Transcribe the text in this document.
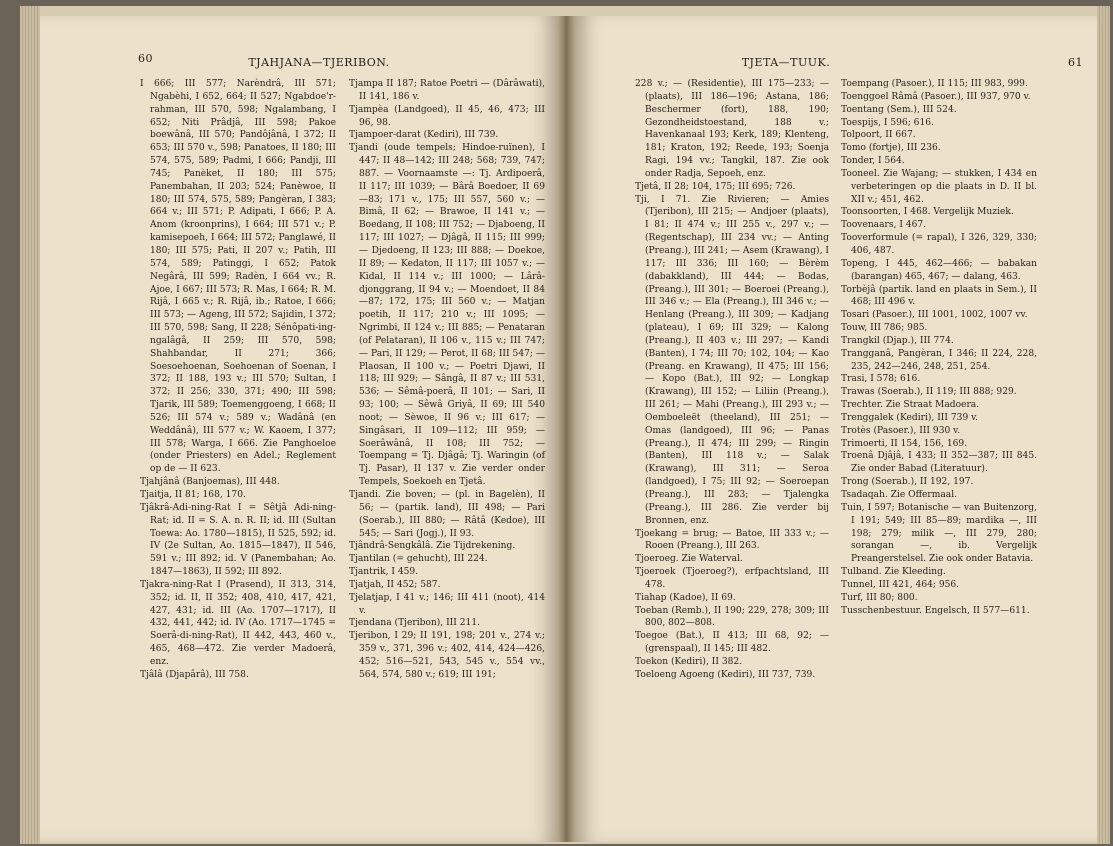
60	TJAHJANA—TJERIBON.

I 666; III 577; Narèndrâ, III 571; Ngabèhi, I 652, 664; II 527; Ngabdoe'r-rahman, III 570, 598; Ngalambang, I 652; Niti Prâdjâ, III 598; Pakoe boewânâ, III 570; Pandôjânâ, I 372; II 653; III 570 v., 598; Panatoes, II 180; III 574, 575, 589; Padmi, I 666; Pandji, III 745; Panèket, II 180; III 575; Panembahan, II 203; 524; Panèwoe, II 180; III 574, 575, 589; Pangèran, I 383; 664 v.; III 571; P. Adipati, I 666; P. A. Anom (kroonprins), I 664; III 571 v.; P. kamisepoeh, I 664; III 572; Panglawé, II 180; III 575; Pati, II 207 v.; Patih, III 574, 589; Patinggi, I 652; Patok Negârâ, III 599; Radèn, I 664 vv.; R. Ajoe, I 667; III 573; R. Mas, I 664; R. M. Rijâ, I 665 v.; R. Rijâ, ib.; Ratoe, I 666; III 573; — Ageng, III 572; Sajidin, I 372; III 570, 598; Sang, II 228; Sénôpati-ing-ngalâgâ, II 259; III 570, 598; Shahbandar, II 271; 366; Soesoehoenan, Soehoenan of Soenan, I 372; II 188, 193 v.; III 570; Sultan, I 372; II 256; 330, 371; 490; III 598; Tjarik, III 589; Toemenggoeng, I 668; II 526; III 574 v.; 589 v.; Wadânâ (en Weddânâ), III 577 v.; W. Kaoem, I 377; III 578; Warga, I 666. Zie Panghoeloe (onder Priesters) en Adel.; Reglement op de — II 623.

Tjahjânâ (Banjoemas), III 448.

Tjaitja, II 81; 168, 170.

Tjâkrâ-Adi-ning-Rat I = Sêtjâ Adi-ning-Rat; id. II = S. A. n. R. II; id. III (Sultan Toewa: Ao. 1780—1815), II 525, 592; id. IV (2e Sultan, Ao. 1815—1847), II 546, 591 v.; III 892; id. V (Panembahan; Ao. 1847—1863), II 592; III 892.

Tjakra-ning-Rat I (Prasend), II 313, 314, 352; id. II, II 352; 408, 410, 417, 421, 427, 431; id. III (Ao. 1707—1717), II 432, 441, 442; id. IV (Ao. 1717—1745 = Soerâ-di-ning-Rat), II 442, 443, 460 v., 465, 468—472. Zie verder Madoerâ, enz.

Tjâlâ (Djapârâ), III 758.

Tjampa II 187; Ratoe Poetri — (Dârâwati), II 141, 186 v.

Tjampèa (Landgoed), II 45, 46, 473; III 96, 98.

Tjampoer-darat (Kediri), III 739.

Tjandi (oude tempels; Hindoe-ruïnen), I 447; II 48—142; III 248; 568; 739, 747; 887. — Voornaamste —: Tj. Ardipoerâ, II 117; III 1039; — Bârâ Boedoer, II 69—83; 171 v., 175; III 557, 560 v.; — Bimâ, II 62; — Brawoe, II 141 v.; — Boedang, II 108; III 752; — Djaboeng, II 117; III 1027; — Djâgâ, II 115; III 999; — Djedoeng, II 123; III 888; — Doekoe, II 89; — Kedaton, II 117; III 1057 v.; — Kidal, II 114 v.; III 1000; — Lârâ-djonggrang, II 94 v.; — Moendoet, II 84—87; 172, 175; III 560 v.; — Matjan poetih, II 117; 210 v.; III 1095; — Ngrimbi, II 124 v.; III 885; — Penataran (of Pelataran), II 106 v., 115 v.; III 747; — Pari, II 129; — Perot, II 68; III 547; — Plaosan, II 100 v.; — Poetri Djawi, II 118; III 929; — Sângâ, II 87 v.; III 531, 536; — Sêmâ-poerâ, II 101; — Sari, II 93; 100; — Sêwâ Griyâ, II 69; III 540 noot; — Sèwoe, II 96 v.; III 617; — Singâsari, II 109—112; III 959; — Soerâwânâ, II 108; III 752; — Toempang = Tj. Djâgâ; Tj. Waringin (of Tj. Pasar), II 137 v. Zie verder onder Tempels, Soekoeh en Tjetâ.

Tjandi. Zie boven; — (pl. in Bagelèn), II 56; — (partik. land), III 498; — Pari (Soerab.), III 880; — Râtâ (Kedoe), III 545; — Sari (Jogj.), II 93.

Tjândrâ-Sengkâlâ. Zie Tijdrekening.

Tjantilan (= gehucht), III 224.

Tjantrik, I 459.

Tjatjah, II 452; 587.

Tjelatjap, I 41 v.; 146; III 411 (noot), 414 v.

Tjendana (Tjeribon), III 211.

Tjeribon, I 29; II 191, 198; 201 v., 274 v.; 359 v., 371, 396 v.; 402, 414, 424—426, 452; 516—521, 543, 545 v., 554 vv., 564, 574, 580 v.; 619; III 191;

TJETA—TUUK.	61

228 v.; — (Residentie), III 175—233; — (plaats), III 186—196; Astana, 186; Beschermer (fort), 188, 190; Gezondheidstoestand, 188 v.; Havenkanaal 193; Kerk, 189; Klenteng, 181; Kraton, 192; Reede, 193; Soenja Ragi, 194 vv.; Tangkil, 187. Zie ook onder Radja, Sepoeh, enz.

Tjetâ, II 28; 104, 175; III 695; 726.

Tji, I 71. Zie Rivieren; — Amies (Tjeribon), III 215; — Andjoer (plaats), I 81; II 474 v.; III 255 v., 297 v.; — (Regentschap), III 234 vv.; — Anting (Preang.), III 241; — Asem (Krawang), I 117; III 336; III 160; — Bèrèm (dabakkland), III 444; — Bodas, (Preang.), III 301; — Boeroei (Preang.), III 346 v.; — Ela (Preang.), III 346 v.; — Henlang (Preang.), III 309; — Kadjang (plateau), I 69; III 329; — Kalong (Preang.), II 403 v.; III 297; — Kandi (Banten), I 74; III 70; 102, 104; — Kao (Preang. en Krawang), II 475; III 156; — Kopo (Bat.), III 92; — Longkap (Krawang), III 152; — Liliin (Preang.), III 261; — Mahi (Preang.), III 293 v.; — Oemboeleët (theeland), III 251; — Omas (landgoed), III 96; — Panas (Preang.), II 474; III 299; — Ringin (Banten), III 118 v.; — Salak (Krawang), III 311; — Seroa (landgoed), I 75; III 92; — Soeroepan (Preang.), III 283; — Tjalengka (Preang.), III 286. Zie verder bij Bronnen, enz.

Tjoekang = brug; — Batoe, III 333 v.; — Rooen (Preang.), III 263.

Tjoeroeg. Zie Waterval.

Tjoeroek (Tjoeroeg?), erfpachtsland, III 478.

Tiahap (Kadoe), II 69.

Toeban (Remb.), II 190; 229, 278; 309; III 800, 802—808.

Toegoe (Bat.), II 413; III 68, 92; — (grenspaal), II 145; III 482.

Toekon (Kediri), II 382.

Toeloeng Agoeng (Kediri), III 737, 739.

Toempang (Pasoer.), II 115; III 983, 999.

Toenggoel Râmâ (Pasoer.), III 937, 970 v.

Toentang (Sem.), III 524.

Toespijs, I 596; 616.

Tolpoort, II 667.

Tomo (fortje), III 236.

Tonder, I 564.

Tooneel. Zie Wajang; — stukken, I 434 en verbeteringen op die plaats in D. II bl. XII v.; 451, 462.

Toonsoorten, I 468. Vergelijk Muziek.

Toovenaars, I 467.

Tooverformule (= rapal), I 326, 329, 330; 406, 487.

Topeng, I 445, 462—466; — babakan (barangan) 465, 467; — dalang, 463.

Torbèjâ (partik. land en plaats in Sem.), II 468; III 496 v.

Tosari (Pasoer.), III 1001, 1002, 1007 vv.

Touw, III 786; 985.

Trangkil (Djap.), III 774.

Trangganâ, Pangèran, I 346; II 224, 228, 235, 242—246, 248, 251, 254.

Trasi, I 578; 616.

Trawas (Soerab.), II 119; III 888; 929.

Trechter. Zie Straat Madoera.

Trenggalek (Kediri), III 739 v.

Trotès (Pasoer.), III 930 v.

Trimoerti, II 154, 156, 169.

Troenâ Djâjâ, I 433; II 352—387; III 845. Zie onder Babad (Literatuur).

Trong (Soerab.), II 192, 197.

Tsadaqah. Zie Offermaal.

Tuin, I 597; Botanische — van Buitenzorg, I 191; 549; III 85—89; mardika —, III 198; 279; milik —, III 279, 280; sorangan —, ib. Vergelijk Preangerstelsel. Zie ook onder Batavia.

Tulband. Zie Kleeding.

Tunnel, III 421, 464; 956.

Turf, III 80; 800.

Tusschenbestuur. Engelsch, II 577—611.
